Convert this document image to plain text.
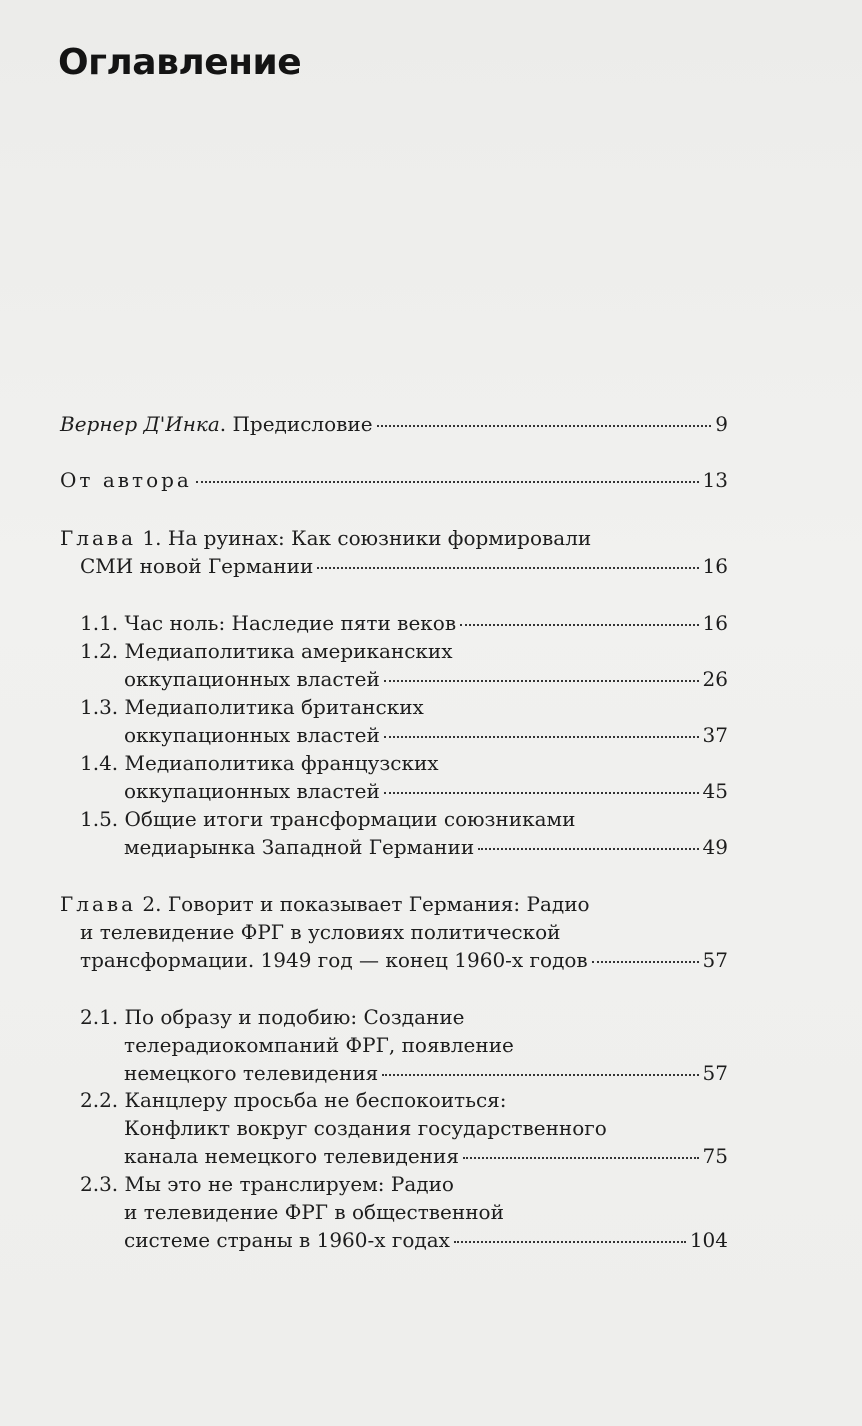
Оглавление
Вернер Д'Инка. Предисловие	9
От автора	13
Глава 1. На руинах: Как союзники формировали
СМИ новой Германии	16
1.1. Час ноль: Наследие пяти веков	16
1.2. Медиаполитика американских
оккупационных властей	26
1.3. Медиаполитика британских
оккупационных властей	37
1.4. Медиаполитика французских
оккупационных властей	45
1.5. Общие итоги трансформации союзниками
медиарынка Западной Германии	49
Глава 2. Говорит и показывает Германия: Радио
и телевидение ФРГ в условиях политической
трансформации. 1949 год — конец 1960-х годов	57
2.1. По образу и подобию: Создание
телерадиокомпаний ФРГ, появление
немецкого телевидения	57
2.2. Канцлеру просьба не беспокоиться:
Конфликт вокруг создания государственного
канала немецкого телевидения	75
2.3. Мы это не транслируем: Радио
и телевидение ФРГ в общественной
системе страны в 1960-х годах	104
